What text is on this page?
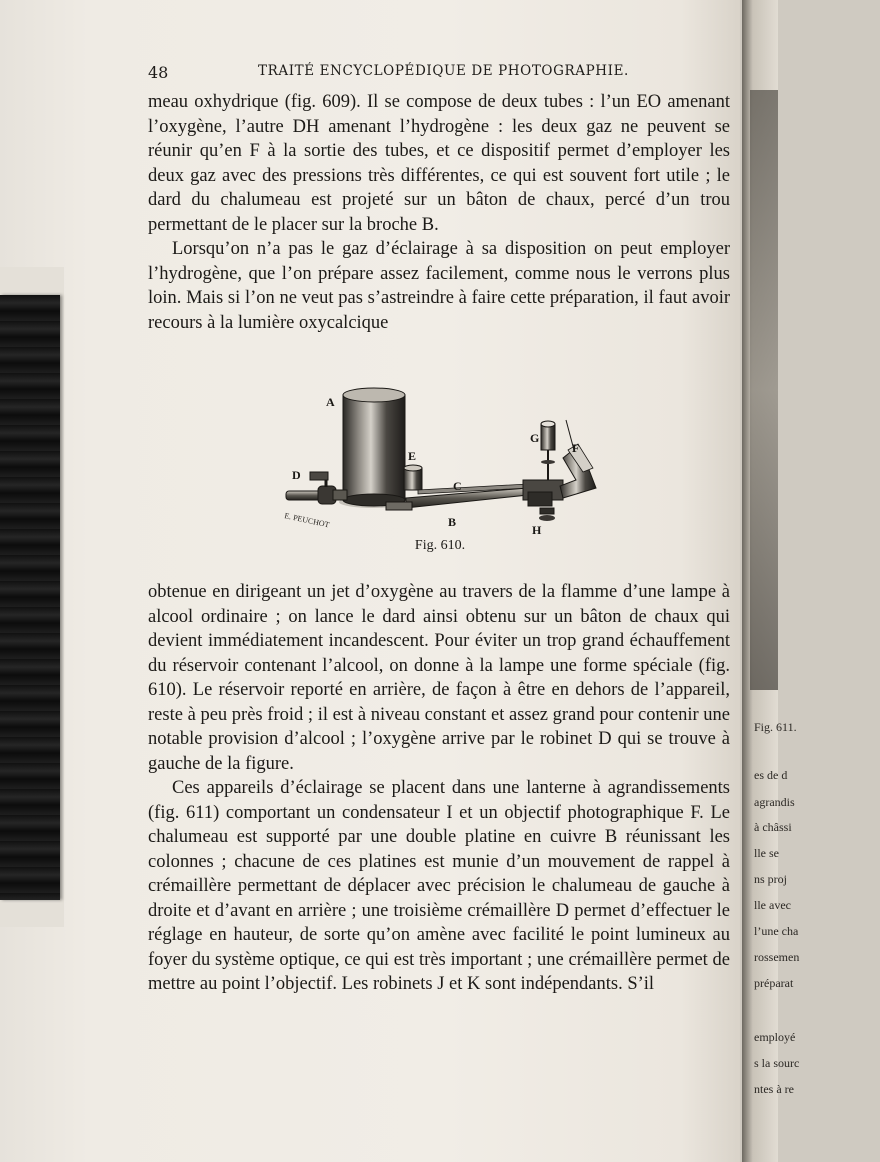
Fig. 611.
es de d
agrandis
à châssi
lle se
ns proj
lle avec
l’une cha
rossemen
préparat
employé
s la sourc
ntes à re
48	TRAITÉ ENCYCLOPÉDIQUE DE PHOTOGRAPHIE.

meau oxhydrique (fig. 609). Il se compose de deux tubes : l’un EO amenant l’oxygène, l’autre DH amenant l’hydrogène : les deux gaz ne peuvent se réunir qu’en F à la sortie des tubes, et ce dispositif permet d’employer les deux gaz avec des pressions très différentes, ce qui est souvent fort utile ; le dard du chalumeau est projeté sur un bâton de chaux, percé d’un trou permettant de le placer sur la broche B.

Lorsqu’on n’a pas le gaz d’éclairage à sa disposition on peut employer l’hydrogène, que l’on prépare assez facilement, comme nous le verrons plus loin. Mais si l’on ne veut pas s’astreindre à faire cette préparation, il faut avoir recours à la lumière oxycalcique

A
E
D
C
B
G
F
H
E. PEUCHOT
Fig. 610.

obtenue en dirigeant un jet d’oxygène au travers de la flamme d’une lampe à alcool ordinaire ; on lance le dard ainsi obtenu sur un bâton de chaux qui devient immédiatement incandescent. Pour éviter un trop grand échauffement du réservoir contenant l’alcool, on donne à la lampe une forme spéciale (fig. 610). Le réservoir reporté en arrière, de façon à être en dehors de l’appareil, reste à peu près froid ; il est à niveau constant et assez grand pour contenir une notable provision d’alcool ; l’oxygène arrive par le robinet D qui se trouve à gauche de la figure.

Ces appareils d’éclairage se placent dans une lanterne à agrandissements (fig. 611) comportant un condensateur I et un objectif photographique F. Le chalumeau est supporté par une double platine en cuivre B réunissant les colonnes ; chacune de ces platines est munie d’un mouvement de rappel à crémaillère permettant de déplacer avec précision le chalumeau de gauche à droite et d’avant en arrière ; une troisième crémaillère D permet d’effectuer le réglage en hauteur, de sorte qu’on amène avec facilité le point lumineux au foyer du système optique, ce qui est très important ; une crémaillère permet de mettre au point l’objectif. Les robinets J et K sont indépendants. S’il
